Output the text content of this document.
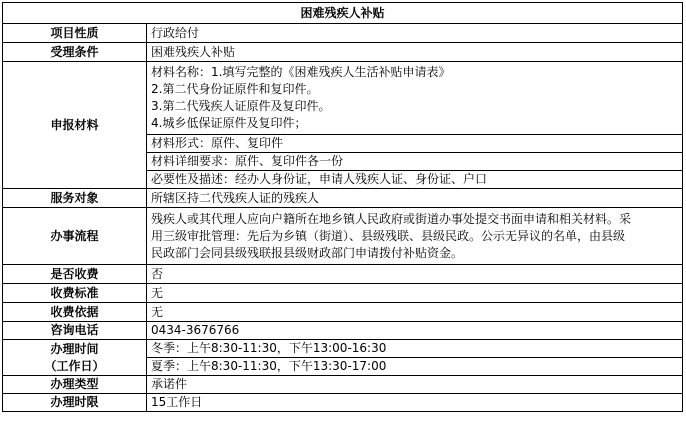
困难残疾人补贴	
项目性质	行政给付
受理条件	困难残疾人补贴
申报材料	材料名称：1.填写完整的《困难残疾人生活补贴申请表》
2.第二代身份证原件和复印件。
3.第二代残疾人证原件及复印件。
4.城乡低保证原件及复印件；

	材料形式：原件、复印件
	材料详细要求：原件、复印件各一份
	必要性及描述：经办人身份证，申请人残疾人证、身份证、户口
服务对象	所辖区持二代残疾人证的残疾人
办事流程	残疾人或其代理人应向户籍所在地乡镇人民政府或街道办事处提交书面申请和相关材料。采
用三级审批管理：先后为乡镇（街道）、县级残联、县级民政。公示无异议的名单，由县级
民政部门会同县级残联报县级财政部门申请拨付补贴资金。

是否收费	否
收费标准	无
收费依据	无
咨询电话	0434-3676766

办理时间
（工作日）	冬季：上午8:30-11:30，下午13:00-16:30
	夏季：上午8:30-11:30，下午13:30-17:00
办理类型	承诺件
办理时限	15工作日
